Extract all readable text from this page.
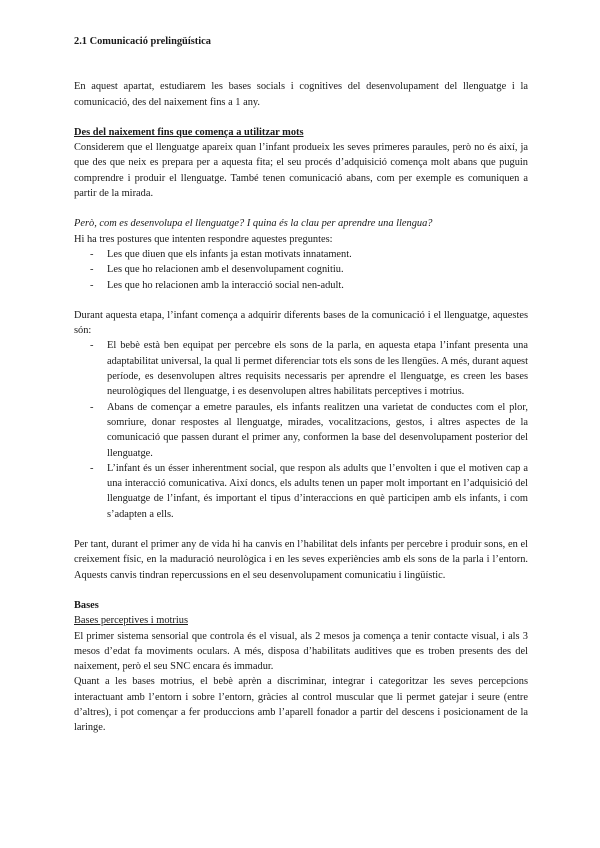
2.1 Comunicació prelingüística

En aquest apartat, estudiarem les bases socials i cognitives del desenvolupament del llenguatge i la comunicació, des del naixement fins a 1 any.

Des del naixement fins que comença a utilitzar mots

Considerem que el llenguatge apareix quan l’infant produeix les seves primeres paraules, però no és així, ja que des que neix es prepara per a aquesta fita; el seu procés d’adquisició comença molt abans que puguin comprendre i produir el llenguatge. També tenen comunicació abans, com per exemple es comuniquen a partir de la mirada.

Però, com es desenvolupa el llenguatge? I quina és la clau per aprendre una llengua?

Hi ha tres postures que intenten respondre aquestes preguntes:

- Les que diuen que els infants ja estan motivats innatament.
- Les que ho relacionen amb el desenvolupament cognitiu.
- Les que ho relacionen amb la interacció social nen-adult.

Durant aquesta etapa, l’infant comença a adquirir diferents bases de la comunicació i el llenguatge, aquestes són:

- El bebè està ben equipat per percebre els sons de la parla, en aquesta etapa l’infant presenta una adaptabilitat universal, la qual li permet diferenciar tots els sons de les llengües. A més, durant aquest període, es desenvolupen altres requisits necessaris per aprendre el llenguatge, es creen les bases neurològiques del llenguatge, i es desenvolupen altres habilitats perceptives i motrius.
- Abans de començar a emetre paraules, els infants realitzen una varietat de conductes com el plor, somriure, donar respostes al llenguatge, mirades, vocalitzacions, gestos, i altres aspectes de la comunicació que passen durant el primer any, conformen la base del desenvolupament posterior del llenguatge.
- L’infant és un ésser inherentment social, que respon als adults que l’envolten i que el motiven cap a una interacció comunicativa. Així doncs, els adults tenen un paper molt important en l’adquisició del llenguatge de l’infant, és important el tipus d’interaccions en què participen amb els infants, i com s’adapten a ells.

Per tant, durant el primer any de vida hi ha canvis en l’habilitat dels infants per percebre i produir sons, en el creixement físic, en la maduració neurològica i en les seves experiències amb els sons de la parla i l’entorn. Aquests canvis tindran repercussions en el seu desenvolupament comunicatiu i lingüístic.

Bases

Bases perceptives i motrius

El primer sistema sensorial que controla és el visual, als 2 mesos ja comença a tenir contacte visual, i als 3 mesos d’edat fa moviments oculars. A més, disposa d’habilitats auditives que es troben presents des del naixement, però el seu SNC encara és immadur.

Quant a les bases motrius, el bebè aprèn a discriminar, integrar i categoritzar les seves percepcions interactuant amb l’entorn i sobre l’entorn, gràcies al control muscular que li permet gatejar i seure (entre d’altres), i pot començar a fer produccions amb l’aparell fonador a partir del descens i posicionament de la laringe.
